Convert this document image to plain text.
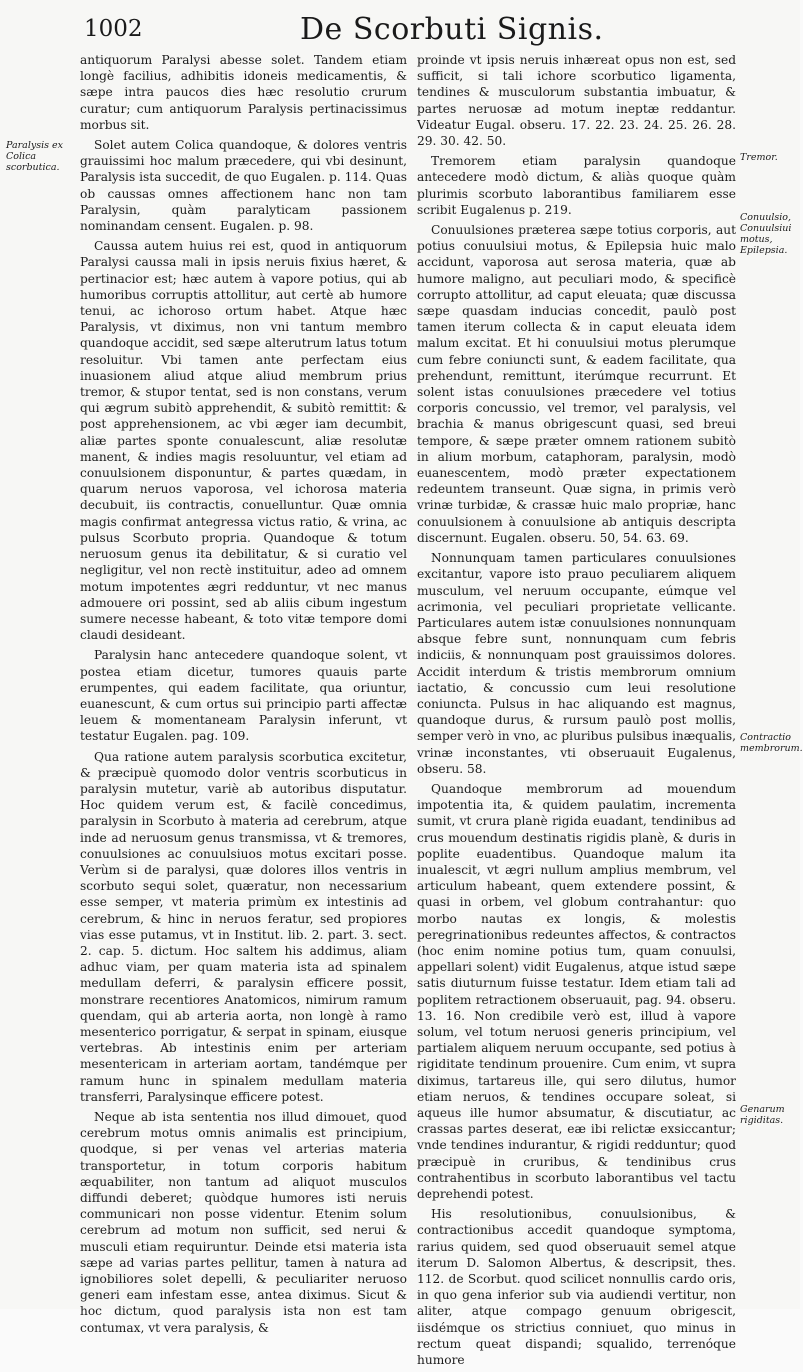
1002	De Scorbuti Signis.
Paralysis ex Colica scorbutica.
Tremor.
Conuulsio, Conuulsiui motus, Epilepsia.
Contractio membrorum.
Genarum rigiditas.

antiquorum Paralysi abesse solet. Tandem etiam longè facilius, adhibitis idoneis medicamentis, & sæpe intra paucos dies hæc resolutio crurum curatur; cum antiquorum Paralysis pertinacissimus morbus sit.

Solet autem Colica quandoque, & dolores ventris grauissimi hoc malum præcedere, qui vbi desinunt, Paralysis ista succedit, de quo Eugalen. p. 114. Quas ob caussas omnes affectionem hanc non tam Paralysin, quàm paralyticam passionem nominandam censent. Eugalen. p. 98.

Caussa autem huius rei est, quod in antiquorum Paralysi caussa mali in ipsis neruis fixius hæret, & pertinacior est; hæc autem à vapore potius, qui ab humoribus corruptis attollitur, aut certè ab humore tenui, ac ichoroso ortum habet. Atque hæc Paralysis, vt diximus, non vni tantum membro quandoque accidit, sed sæpe alterutrum latus totum resoluitur. Vbi tamen ante perfectam eius inuasionem aliud atque aliud membrum prius tremor, & stupor tentat, sed is non constans, verum qui ægrum subitò apprehendit, & subitò remittit: & post apprehensionem, ac vbi æger iam decumbit, aliæ partes sponte conualescunt, aliæ resolutæ manent, & indies magis resoluuntur, vel etiam ad conuulsionem disponuntur, & partes quædam, in quarum neruos vaporosa, vel ichorosa materia decubuit, iis contractis, conuelluntur. Quæ omnia magis confirmat antegressa victus ratio, & vrina, ac pulsus Scorbuto propria. Quandoque & totum neruosum genus ita debilitatur, & si curatio vel negligitur, vel non rectè instituitur, adeo ad omnem motum impotentes ægri redduntur, vt nec manus admouere ori possint, sed ab aliis cibum ingestum sumere necesse habeant, & toto vitæ tempore domi claudi desideant.

Paralysin hanc antecedere quandoque solent, vt postea etiam dicetur, tumores quauis parte erumpentes, qui eadem facilitate, qua oriuntur, euanescunt, & cum ortus sui principio parti affectæ leuem & momentaneam Paralysin inferunt, vt testatur Eugalen. pag. 109.

Qua ratione autem paralysis scorbutica excitetur, & præcipuè quomodo dolor ventris scorbuticus in paralysin mutetur, variè ab autoribus disputatur. Hoc quidem verum est, & facilè concedimus, paralysin in Scorbuto à materia ad cerebrum, atque inde ad neruosum genus transmissa, vt & tremores, conuulsiones ac conuulsiuos motus excitari posse. Verùm si de paralysi, quæ dolores illos ventris in scorbuto sequi solet, quæratur, non necessarium esse semper, vt materia primùm ex intestinis ad cerebrum, & hinc in neruos feratur, sed propiores vias esse putamus, vt in Institut. lib. 2. part. 3. sect. 2. cap. 5. dictum. Hoc saltem his addimus, aliam adhuc viam, per quam materia ista ad spinalem medullam deferri, & paralysin efficere possit, monstrare recentiores Anatomicos, nimirum ramum quendam, qui ab arteria aorta, non longè à ramo mesenterico porrigatur, & serpat in spinam, eiusque vertebras. Ab intestinis enim per arteriam mesentericam in arteriam aortam, tandémque per ramum hunc in spinalem medullam materia transferri, Paralysinque efficere potest.

Neque ab ista sententia nos illud dimouet, quod cerebrum motus omnis animalis est principium, quodque, si per venas vel arterias materia transportetur, in totum corporis habitum æquabiliter, non tantum ad aliquot musculos diffundi deberet; quòdque humores isti neruis communicari non posse videntur. Etenim solum cerebrum ad motum non sufficit, sed nerui & musculi etiam requiruntur. Deinde etsi materia ista sæpe ad varias partes pellitur, tamen à natura ad ignobiliores solet depelli, & peculiariter neruoso generi eam infestam esse, antea diximus. Sicut & hoc dictum, quod paralysis ista non est tam contumax, vt vera paralysis, &

proinde vt ipsis neruis inhæreat opus non est, sed sufficit, si tali ichore scorbutico ligamenta, tendines & musculorum substantia imbuatur, & partes neruosæ ad motum ineptæ reddantur. Videatur Eugal. obseru. 17. 22. 23. 24. 25. 26. 28. 29. 30. 42. 50.

Tremorem etiam paralysin quandoque antecedere modò dictum, & aliàs quoque quàm plurimis scorbuto laborantibus familiarem esse scribit Eugalenus p. 219.

Conuulsiones præterea sæpe totius corporis, aut potius conuulsiui motus, & Epilepsia huic malo accidunt, vaporosa aut serosa materia, quæ ab humore maligno, aut peculiari modo, & specificè corrupto attollitur, ad caput eleuata; quæ discussa sæpe quasdam inducias concedit, paulò post tamen iterum collecta & in caput eleuata idem malum excitat. Et hi conuulsiui motus plerumque cum febre coniuncti sunt, & eadem facilitate, qua prehendunt, remittunt, iterúmque recurrunt. Et solent istas conuulsiones præcedere vel totius corporis concussio, vel tremor, vel paralysis, vel brachia & manus obrigescunt quasi, sed breui tempore, & sæpe præter omnem rationem subitò in alium morbum, cataphoram, paralysin, modò euanescentem, modò præter expectationem redeuntem transeunt. Quæ signa, in primis verò vrinæ turbidæ, & crassæ huic malo propriæ, hanc conuulsionem à conuulsione ab antiquis descripta discernunt. Eugalen. obseru. 50, 54. 63. 69.

Nonnunquam tamen particulares conuulsiones excitantur, vapore isto prauo peculiarem aliquem musculum, vel neruum occupante, eúmque vel acrimonia, vel peculiari proprietate vellicante. Particulares autem istæ conuulsiones nonnunquam absque febre sunt, nonnunquam cum febris indiciis, & nonnunquam post grauissimos dolores. Accidit interdum & tristis membrorum omnium iactatio, & concussio cum leui resolutione coniuncta. Pulsus in hac aliquando est magnus, quandoque durus, & rursum paulò post mollis, semper verò in vno, ac pluribus pulsibus inæqualis, vrinæ inconstantes, vti obseruauit Eugalenus, obseru. 58.

Quandoque membrorum ad mouendum impotentia ita, & quidem paulatim, incrementa sumit, vt crura planè rigida euadant, tendinibus ad crus mouendum destinatis rigidis planè, & duris in poplite euadentibus. Quandoque malum ita inualescit, vt ægri nullum amplius membrum, vel articulum habeant, quem extendere possint, & quasi in orbem, vel globum contrahantur: quo morbo nautas ex longis, & molestis peregrinationibus redeuntes affectos, & contractos (hoc enim nomine potius tum, quam conuulsi, appellari solent) vidit Eugalenus, atque istud sæpe satis diuturnum fuisse testatur. Idem etiam tali ad poplitem retractionem obseruauit, pag. 94. obseru. 13. 16. Non credibile verò est, illud à vapore solum, vel totum neruosi generis principium, vel partialem aliquem neruum occupante, sed potius à rigiditate tendinum prouenire. Cum enim, vt supra diximus, tartareus ille, qui sero dilutus, humor etiam neruos, & tendines occupare soleat, si aqueus ille humor absumatur, & discutiatur, ac crassas partes deserat, eæ ibi relictæ exsiccantur; vnde tendines indurantur, & rigidi redduntur; quod præcipuè in cruribus, & tendinibus crus contrahentibus in scorbuto laborantibus vel tactu deprehendi potest.

His resolutionibus, conuulsionibus, & contractionibus accedit quandoque symptoma, rarius quidem, sed quod obseruauit semel atque iterum D. Salomon Albertus, & descripsit, thes. 112. de Scorbut. quod scilicet nonnullis cardo oris, in quo gena inferior sub via audiendi vertitur, non aliter, atque compago genuum obrigescit, iisdémque os strictius conniuet, quo minus in rectum queat dispandi; squalido, terrenóque humore
